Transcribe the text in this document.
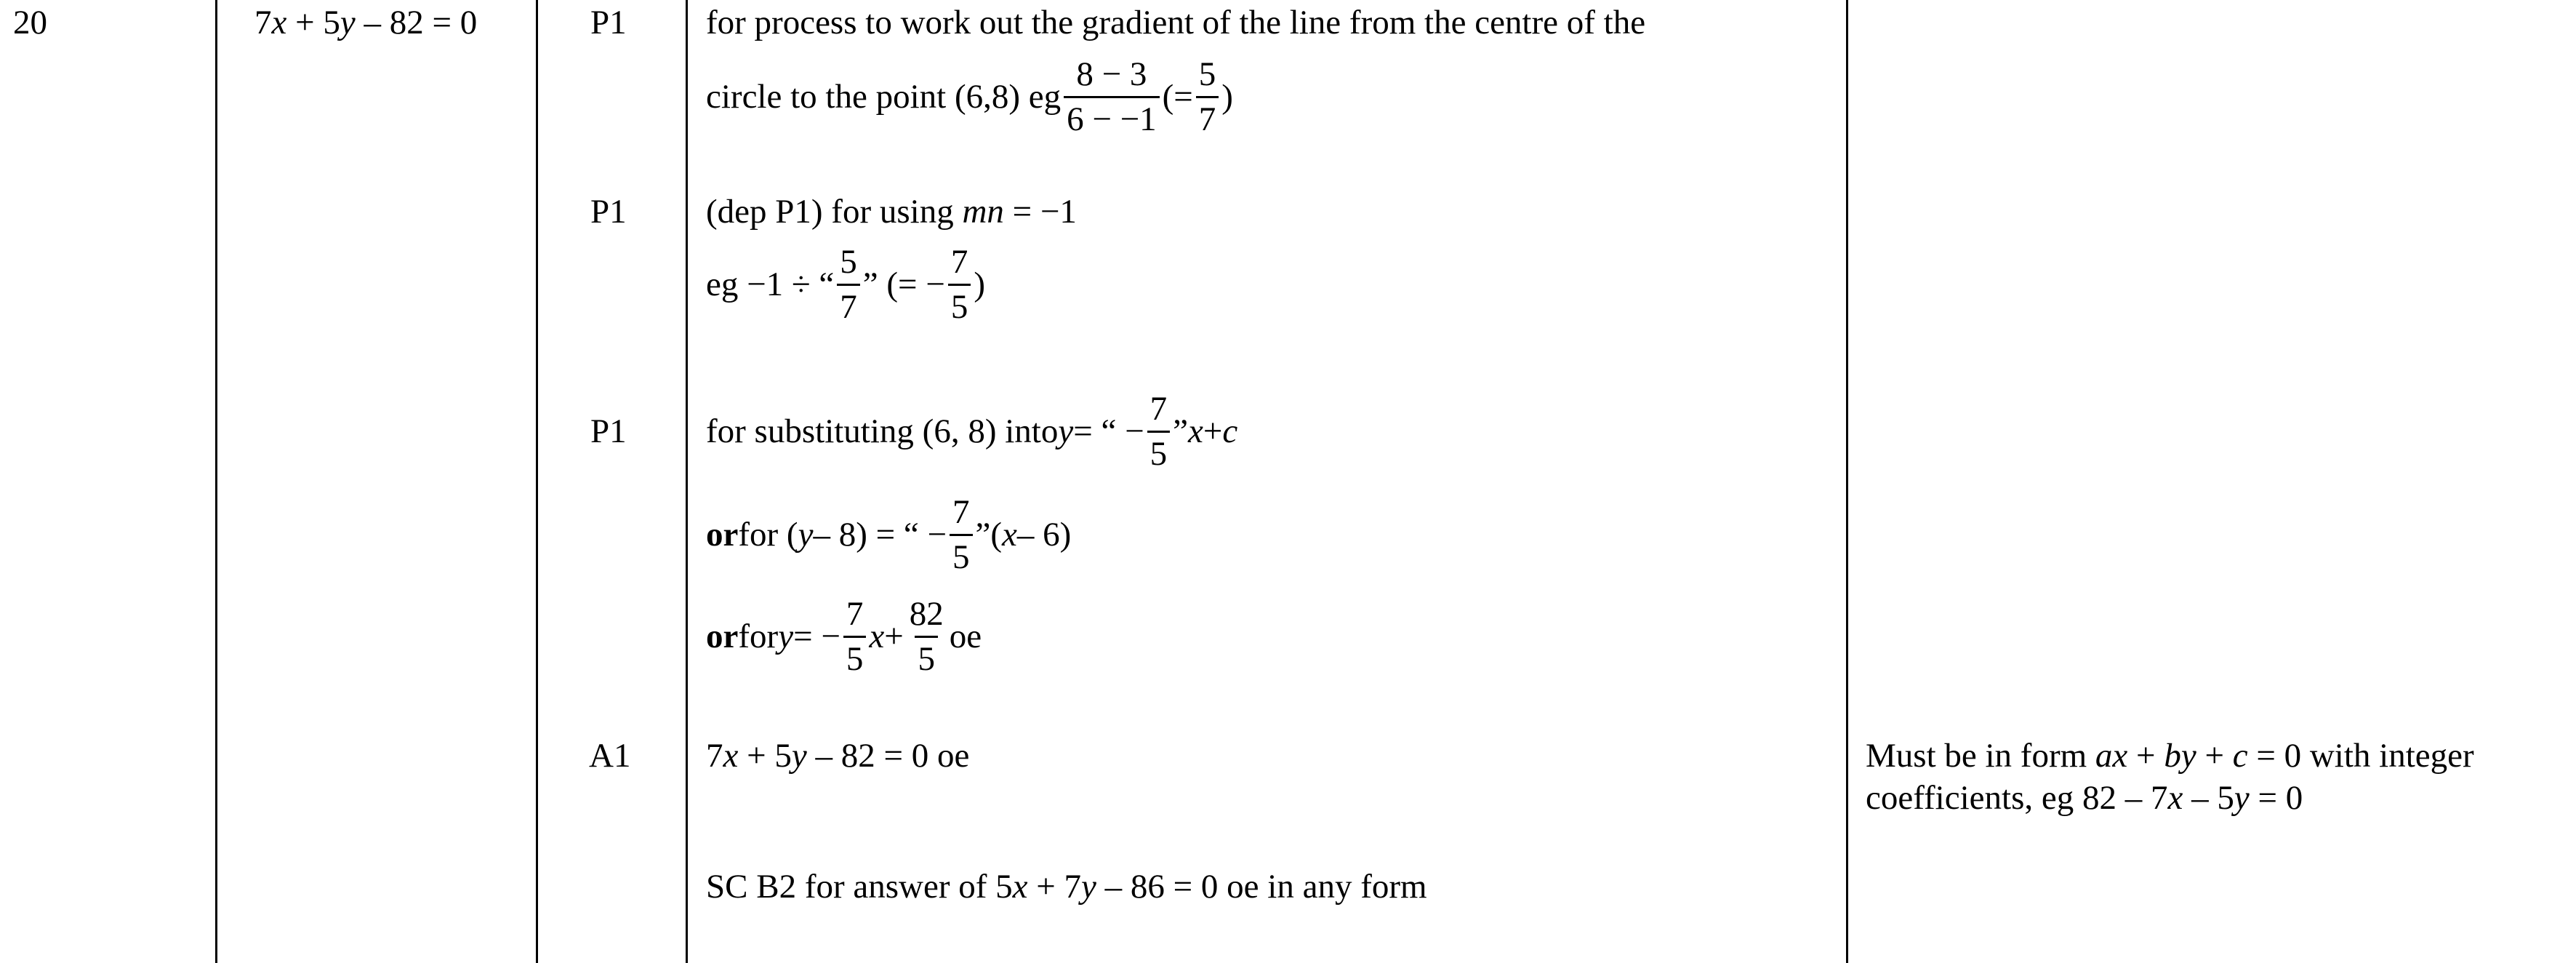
20	7x + 5y – 82 = 0	P1
P1
P1
A1
for process to work out the gradient of the line from the centre of the
circle to the point (6,8) eg $\frac{8 - 3}{6 - -1}$ (= $\frac{5}{7}$ )
(dep P1) for using mn = −1
eg −1 ÷ “ $\frac{5}{7}$ ” (= − $\frac{7}{5}$ )
for substituting (6, 8) into y = “ − $\frac{7}{5}$ ” x + c
or for ( y – 8) = “ − $\frac{7}{5}$ ”( x – 6)
or for y = − $\frac{7}{5}$ $x + \frac{82}{5}$ oe
7x + 5y – 82 = 0 oe
SC B2 for answer of 5x + 7y – 86 = 0 oe in any form
Must be in form ax + by + c = 0 with integer
coefficients, eg 82 – 7x – 5y = 0
